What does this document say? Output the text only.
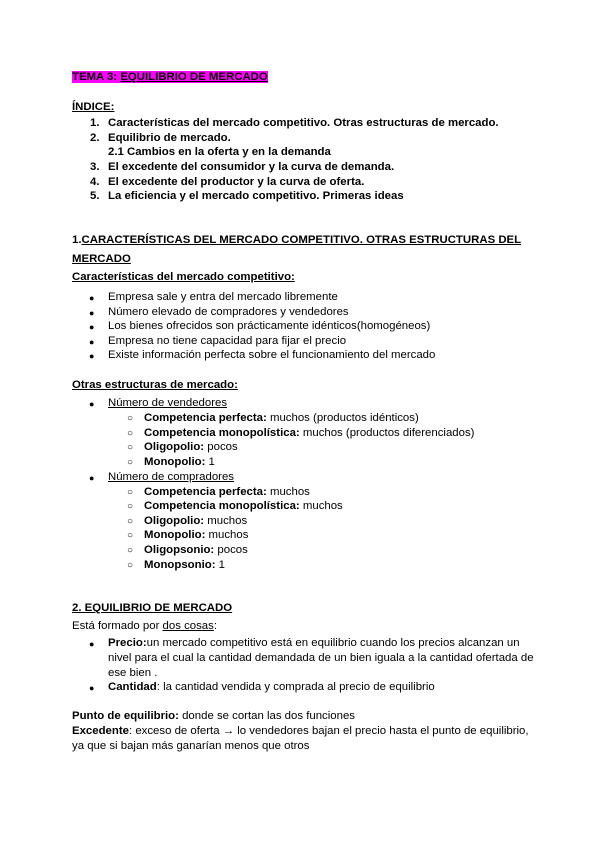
TEMA 3: EQUILIBRIO DE MERCADO
ÍNDICE:
1. Características del mercado competitivo. Otras estructuras de mercado.
2. Equilibrio de mercado.
2.1 Cambios en la oferta y en la demanda
3. El excedente del consumidor y la curva de demanda.
4. El excedente del productor y la curva de oferta.
5. La eficiencia y el mercado competitivo. Primeras ideas
1.CARACTERÍSTICAS DEL MERCADO COMPETITIVO. OTRAS ESTRUCTURAS DEL
MERCADO
Características del mercado competitivo:
● Empresa sale y entra del mercado libremente
● Número elevado de compradores y vendedores
● Los bienes ofrecidos son prácticamente idénticos(homogéneos)
● Empresa no tiene capacidad para fijar el precio
● Existe información perfecta sobre el funcionamiento del mercado
Otras estructuras de mercado:
● Número de vendedores
○ Competencia perfecta: muchos (productos idénticos)
○ Competencia monopolística: muchos (productos diferenciados)
○ Oligopolio: pocos
○ Monopolio: 1
● Número de compradores
○ Competencia perfecta: muchos
○ Competencia monopolística: muchos
○ Oligopolio: muchos
○ Monopolio: muchos
○ Oligopsonio: pocos
○ Monopsonio: 1
2. EQUILIBRIO DE MERCADO
Está formado por dos cosas:
● Precio:un mercado competitivo está en equilibrio cuando los precios alcanzan un
nivel para el cual la cantidad demandada de un bien iguala a la cantidad ofertada de
ese bien .
● Cantidad: la cantidad vendida y comprada al precio de equilibrio
Punto de equilibrio: donde se cortan las dos funciones
Excedente: exceso de oferta → lo vendedores bajan el precio hasta el punto de equilibrio,
ya que si bajan más ganarían menos que otros
